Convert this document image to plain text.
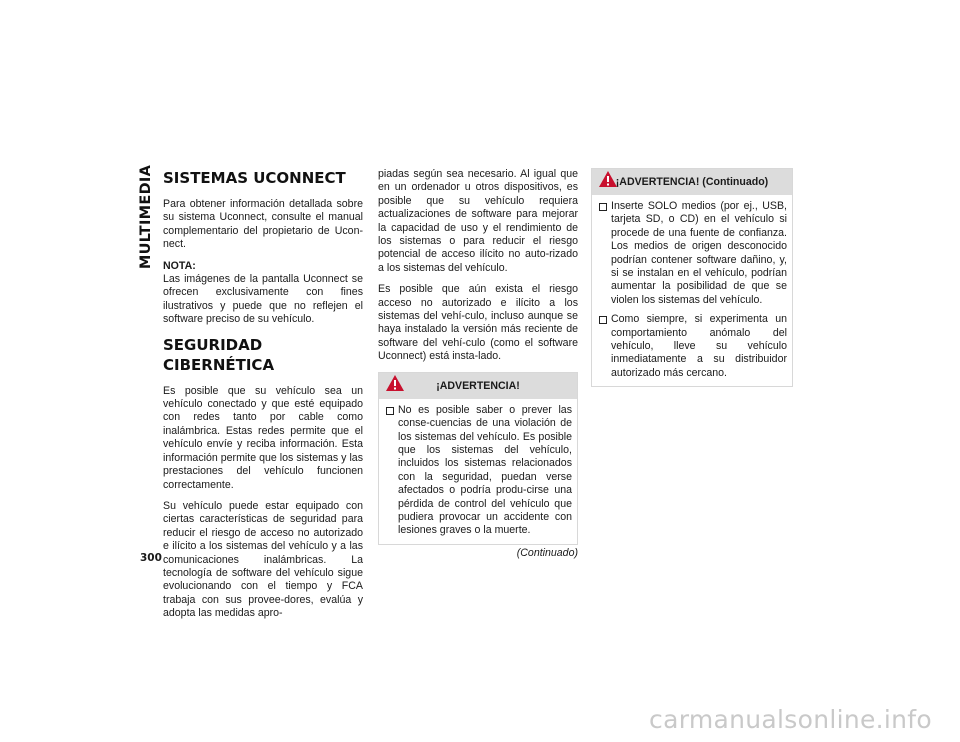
MULTIMEDIA
300
SISTEMAS UCONNECT

Para obtener información detallada sobre su sistema Uconnect, consulte el manual complementario del propietario de Ucon-nect.

NOTA:
Las imágenes de la pantalla Uconnect se ofrecen exclusivamente con fines ilustrativos y puede que no reflejen el software preciso de su vehículo.

SEGURIDAD CIBERNÉTICA

Es posible que su vehículo sea un vehículo conectado y que esté equipado con redes tanto por cable como inalámbrica. Estas redes permite que el vehículo envíe y reciba información. Esta información permite que los sistemas y las prestaciones del vehículo funcionen correctamente.

Su vehículo puede estar equipado con ciertas características de seguridad para reducir el riesgo de acceso no autorizado e ilícito a los sistemas del vehículo y a las comunicaciones inalámbricas. La tecnología de software del vehículo sigue evolucionando con el tiempo y FCA trabaja con sus provee-dores, evalúa y adopta las medidas apro-

piadas según sea necesario. Al igual que en un ordenador u otros dispositivos, es posible que su vehículo requiera actualizaciones de software para mejorar la capacidad de uso y el rendimiento de los sistemas o para reducir el riesgo potencial de acceso ilícito no auto-rizado a los sistemas del vehículo.

Es posible que aún exista el riesgo acceso no autorizado e ilícito a los sistemas del vehí-culo, incluso aunque se haya instalado la versión más reciente de software del vehí-culo (como el software Uconnect) está insta-lado.

¡ADVERTENCIA!
No es posible saber o prever las conse-cuencias de una violación de los sistemas del vehículo. Es posible que los sistemas del vehículo, incluidos los sistemas relacionados con la seguridad, puedan verse afectados o podría produ-cirse una pérdida de control del vehículo que pudiera provocar un accidente con lesiones graves o la muerte.
(Continuado)
¡ADVERTENCIA! (Continuado)
Inserte SOLO medios (por ej., USB, tarjeta SD, o CD) en el vehículo si procede de una fuente de confianza. Los medios de origen desconocido podrían contener software dañino, y, si se instalan en el vehículo, podrían aumentar la posibilidad de que se violen los sistemas del vehículo.
Como siempre, si experimenta un comportamiento anómalo del vehículo, lleve su vehículo inmediatamente a su distribuidor autorizado más cercano.
carmanualsonline.info
